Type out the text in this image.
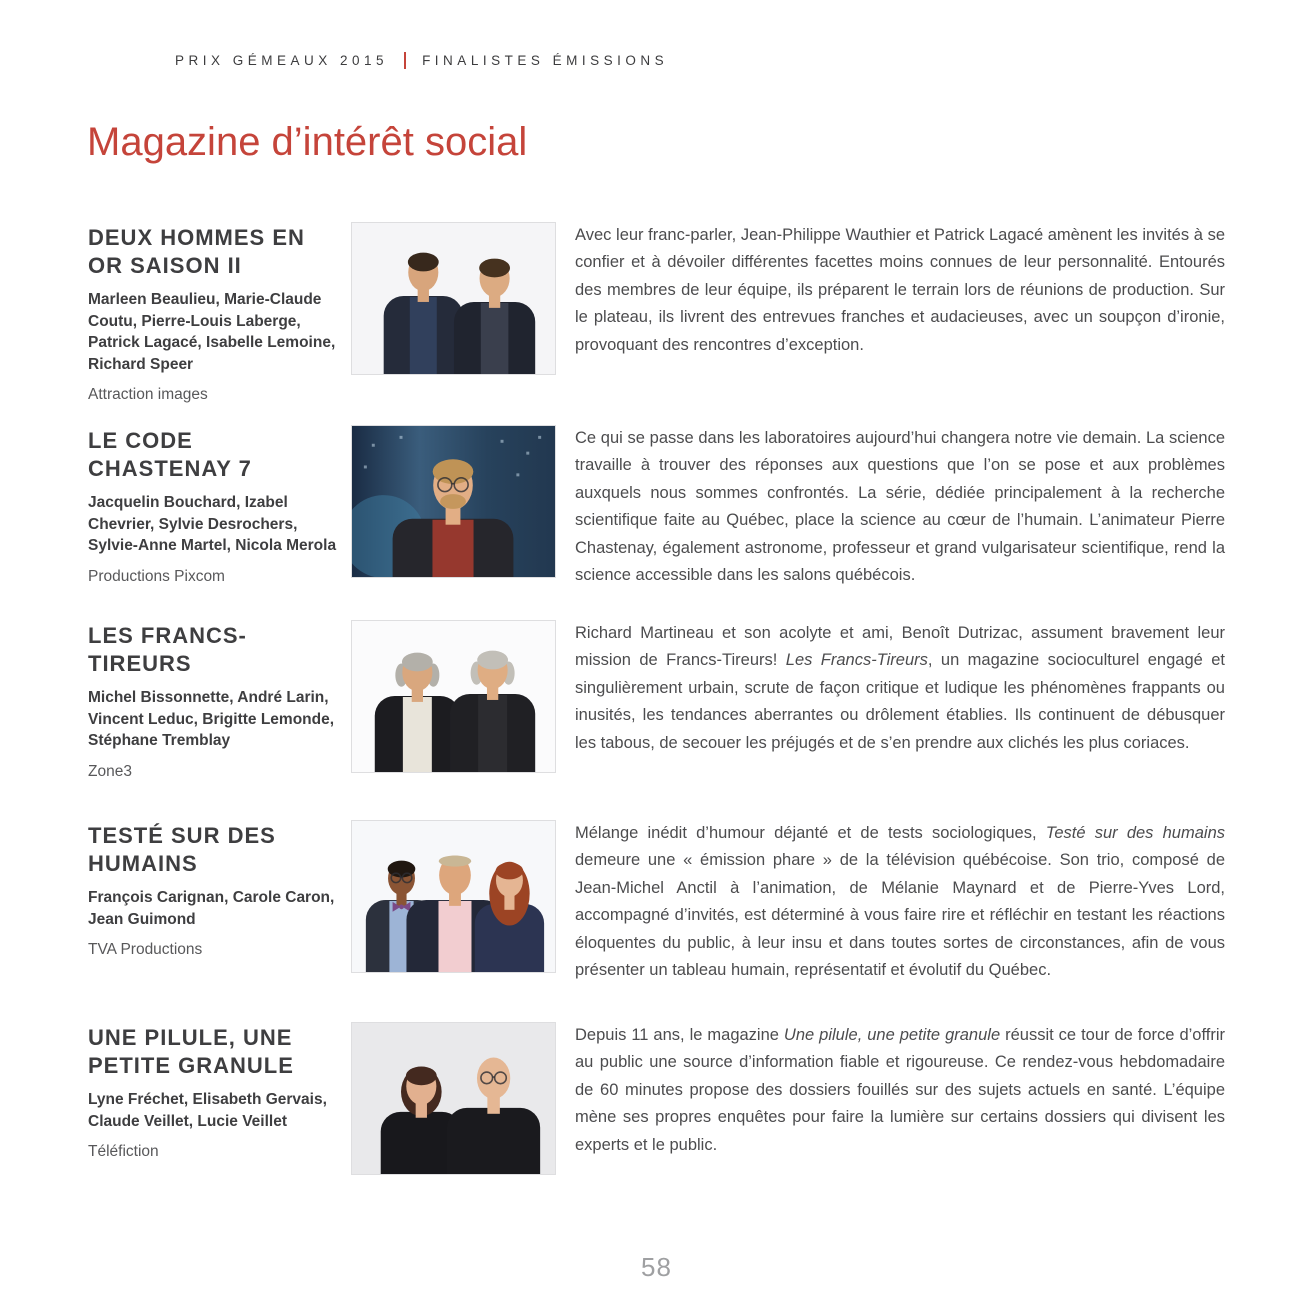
PRIX GÉMEAUX 2015	FINALISTES ÉMISSIONS
Magazine d’intérêt social
DEUX HOMMES EN
OR SAISON II

Marleen Beaulieu, Marie-Claude Coutu, Pierre-Louis Laberge, Patrick Lagacé, Isabelle Lemoine, Richard Speer

Attraction images

Avec leur franc-parler, Jean-Philippe Wauthier et Patrick Lagacé amènent les invités à se confier et à dévoiler différentes facettes moins connues de leur personnalité. Entourés des membres de leur équipe, ils préparent le terrain lors de réunions de production. Sur le plateau, ils livrent des entrevues franches et audacieuses, avec un soupçon d’ironie, provoquant des rencontres d’exception.

LE CODE
CHASTENAY 7

Jacquelin Bouchard, Izabel Chevrier, Sylvie Desrochers, Sylvie-Anne Martel, Nicola Merola

Productions Pixcom

Ce qui se passe dans les laboratoires aujourd’hui changera notre vie demain. La science travaille à trouver des réponses aux questions que l’on se pose et aux problèmes auxquels nous sommes confrontés. La série, dédiée principalement à la recherche scientifique faite au Québec, place la science au cœur de l’humain. L’animateur Pierre Chastenay, également astronome, professeur et grand vulgarisateur scientifique, rend la science accessible dans les salons québécois.

LES FRANCS-
TIREURS

Michel Bissonnette, André Larin, Vincent Leduc, Brigitte Lemonde, Stéphane Tremblay

Zone3

Richard Martineau et son acolyte et ami, Benoît Dutrizac, assument bravement leur mission de Francs-Tireurs! Les Francs-Tireurs, un magazine socioculturel engagé et singulièrement urbain, scrute de façon critique et ludique les phénomènes frappants ou inusités, les tendances aberrantes ou drôlement établies. Ils continuent de débusquer les tabous, de secouer les préjugés et de s’en prendre aux clichés les plus coriaces.

TESTÉ SUR DES
HUMAINS

François Carignan, Carole Caron, Jean Guimond

TVA Productions

Mélange inédit d’humour déjanté et de tests sociologiques, Testé sur des humains demeure une « émission phare » de la télévision québécoise. Son trio, composé de Jean-Michel Anctil à l’animation, de Mélanie Maynard et de Pierre-Yves Lord, accompagné d’invités, est déterminé à vous faire rire et réfléchir en testant les réactions éloquentes du public, à leur insu et dans toutes sortes de circonstances, afin de vous présenter un tableau humain, représentatif et évolutif du Québec.

UNE PILULE, UNE
PETITE GRANULE

Lyne Fréchet, Elisabeth Gervais, Claude Veillet, Lucie Veillet

Téléfiction

Depuis 11 ans, le magazine Une pilule, une petite granule réussit ce tour de force d’offrir au public une source d’information fiable et rigoureuse. Ce rendez-vous hebdomadaire de 60 minutes propose des dossiers fouillés sur des sujets actuels en santé. L’équipe mène ses propres enquêtes pour faire la lumière sur certains dossiers qui divisent les experts et le public.

58
